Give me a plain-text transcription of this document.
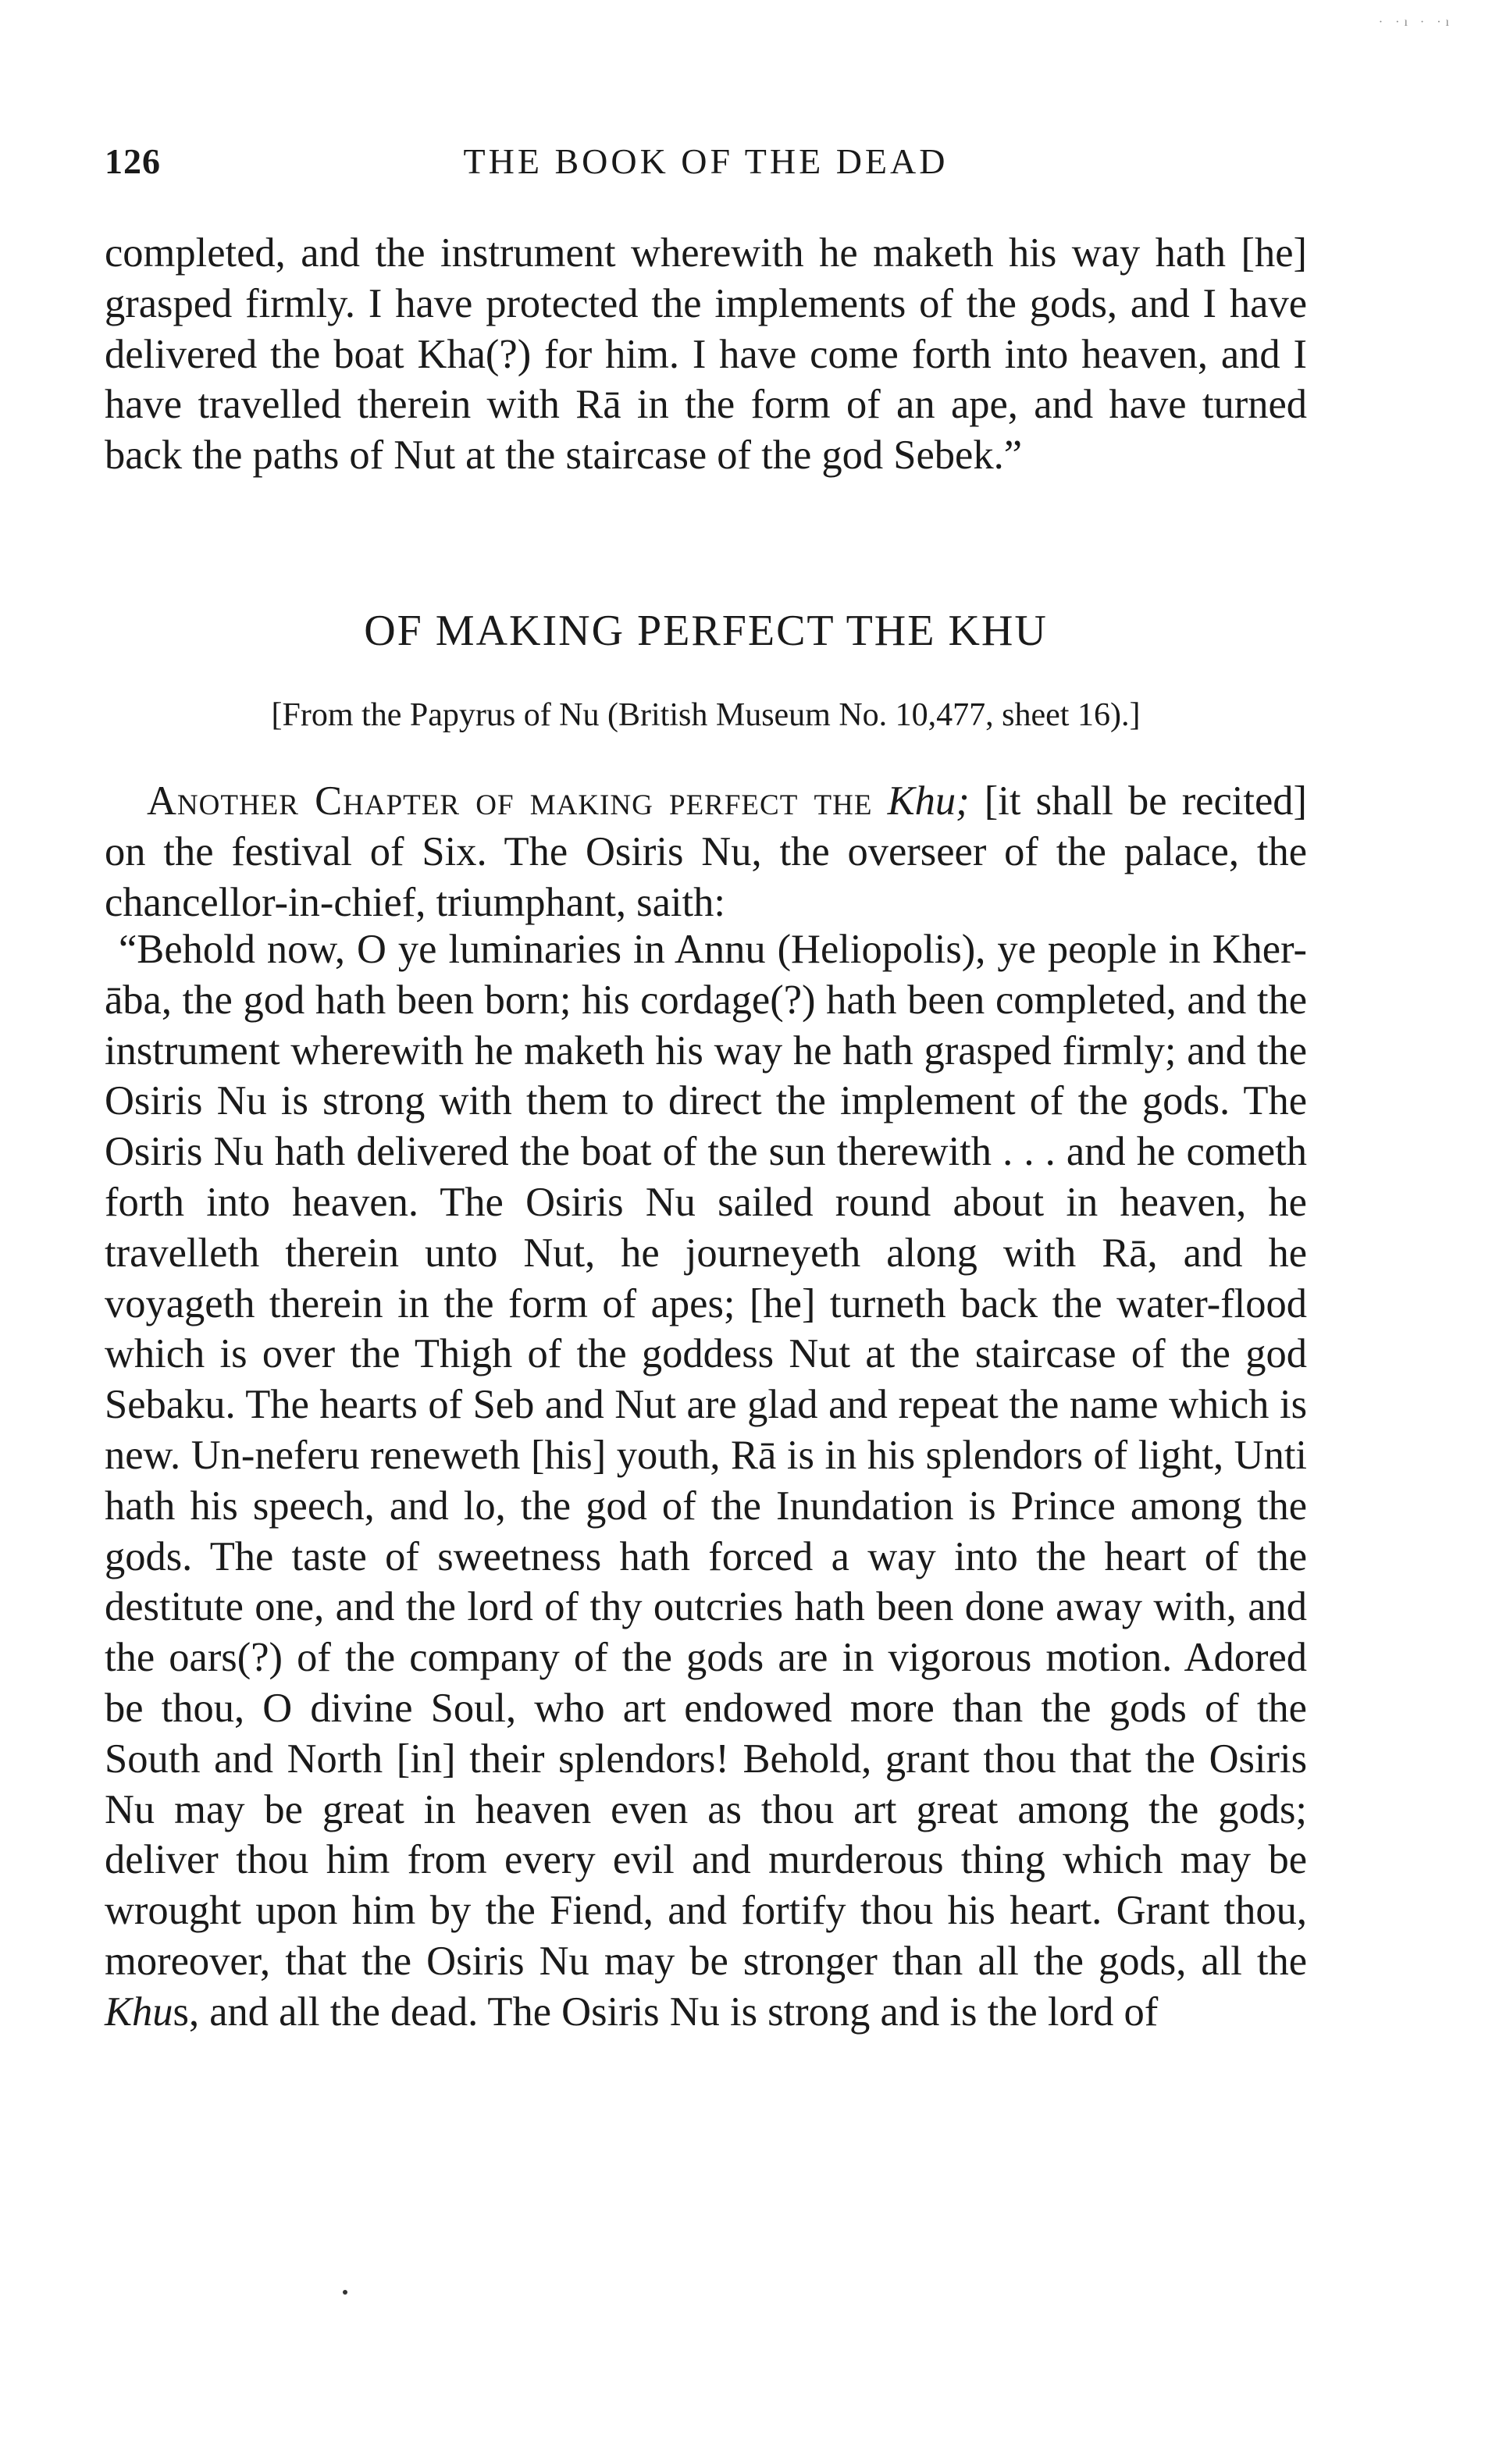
· ·ı · ·ı
126	THE BOOK OF THE DEAD

completed, and the instrument wherewith he maketh his way hath [he] grasped firmly. I have protected the implements of the gods, and I have delivered the boat Kha(?) for him. I have come forth into heaven, and I have travelled therein with Rā in the form of an ape, and have turned back the paths of Nut at the staircase of the god Sebek.”

OF MAKING PERFECT THE KHU
[From the Papyrus of Nu (British Museum No. 10,477, sheet 16).]

Another Chapter of making perfect the Khu; [it shall be recited] on the festival of Six. The Osiris Nu, the overseer of the palace, the chancellor-in-chief, triumphant, saith:

“Behold now, O ye luminaries in Annu (Heliopolis), ye people in Kher-āba, the god hath been born; his cordage(?) hath been completed, and the instrument wherewith he maketh his way he hath grasped firmly; and the Osiris Nu is strong with them to direct the implement of the gods. The Osiris Nu hath delivered the boat of the sun therewith . . . and he cometh forth into heaven. The Osiris Nu sailed round about in heaven, he travelleth therein unto Nut, he journeyeth along with Rā, and he voyageth therein in the form of apes; [he] turneth back the water-flood which is over the Thigh of the goddess Nut at the staircase of the god Sebaku. The hearts of Seb and Nut are glad and repeat the name which is new. Un-neferu reneweth [his] youth, Rā is in his splendors of light, Unti hath his speech, and lo, the god of the Inundation is Prince among the gods. The taste of sweetness hath forced a way into the heart of the destitute one, and the lord of thy outcries hath been done away with, and the oars(?) of the company of the gods are in vigorous motion. Adored be thou, O divine Soul, who art endowed more than the gods of the South and North [in] their splendors! Behold, grant thou that the Osiris Nu may be great in heaven even as thou art great among the gods; deliver thou him from every evil and murderous thing which may be wrought upon him by the Fiend, and fortify thou his heart. Grant thou, moreover, that the Osiris Nu may be stronger than all the gods, all the Khus, and all the dead. The Osiris Nu is strong and is the lord of
